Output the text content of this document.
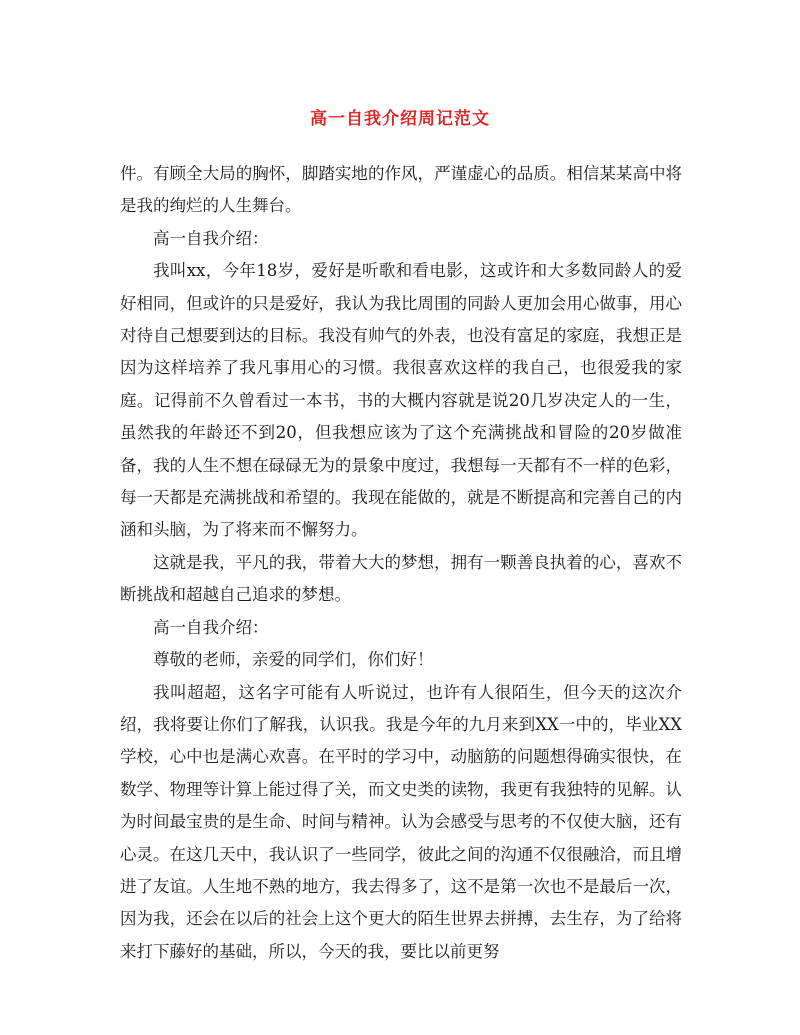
高一自我介绍周记范文

件。有顾全大局的胸怀，脚踏实地的作风，严谨虚心的品质。相信某某高中将是我的绚烂的人生舞台。

高一自我介绍：

我叫xx，今年18岁，爱好是听歌和看电影，这或许和大多数同龄人的爱好相同，但或许的只是爱好，我认为我比周围的同龄人更加会用心做事，用心对待自己想要到达的目标。我没有帅气的外表，也没有富足的家庭，我想正是因为这样培养了我凡事用心的习惯。我很喜欢这样的我自己，也很爱我的家庭。记得前不久曾看过一本书，书的大概内容就是说20几岁决定人的一生，虽然我的年龄还不到20，但我想应该为了这个充满挑战和冒险的20岁做准备，我的人生不想在碌碌无为的景象中度过，我想每一天都有不一样的色彩，每一天都是充满挑战和希望的。我现在能做的，就是不断提高和完善自己的内涵和头脑，为了将来而不懈努力。

这就是我，平凡的我，带着大大的梦想，拥有一颗善良执着的心，喜欢不断挑战和超越自己追求的梦想。

高一自我介绍：

尊敬的老师，亲爱的同学们，你们好！

我叫超超，这名字可能有人听说过，也许有人很陌生，但今天的这次介绍，我将要让你们了解我，认识我。我是今年的九月来到XX一中的，毕业XX学校，心中也是满心欢喜。在平时的学习中，动脑筋的问题想得确实很快，在数学、物理等计算上能过得了关，而文史类的读物，我更有我独特的见解。认为时间最宝贵的是生命、时间与精神。认为会感受与思考的不仅使大脑，还有心灵。在这几天中，我认识了一些同学，彼此之间的沟通不仅很融洽，而且增进了友谊。人生地不熟的地方，我去得多了，这不是第一次也不是最后一次，因为我，还会在以后的社会上这个更大的陌生世界去拼搏，去生存，为了给将来打下藤好的基础，所以，今天的我，要比以前更努
